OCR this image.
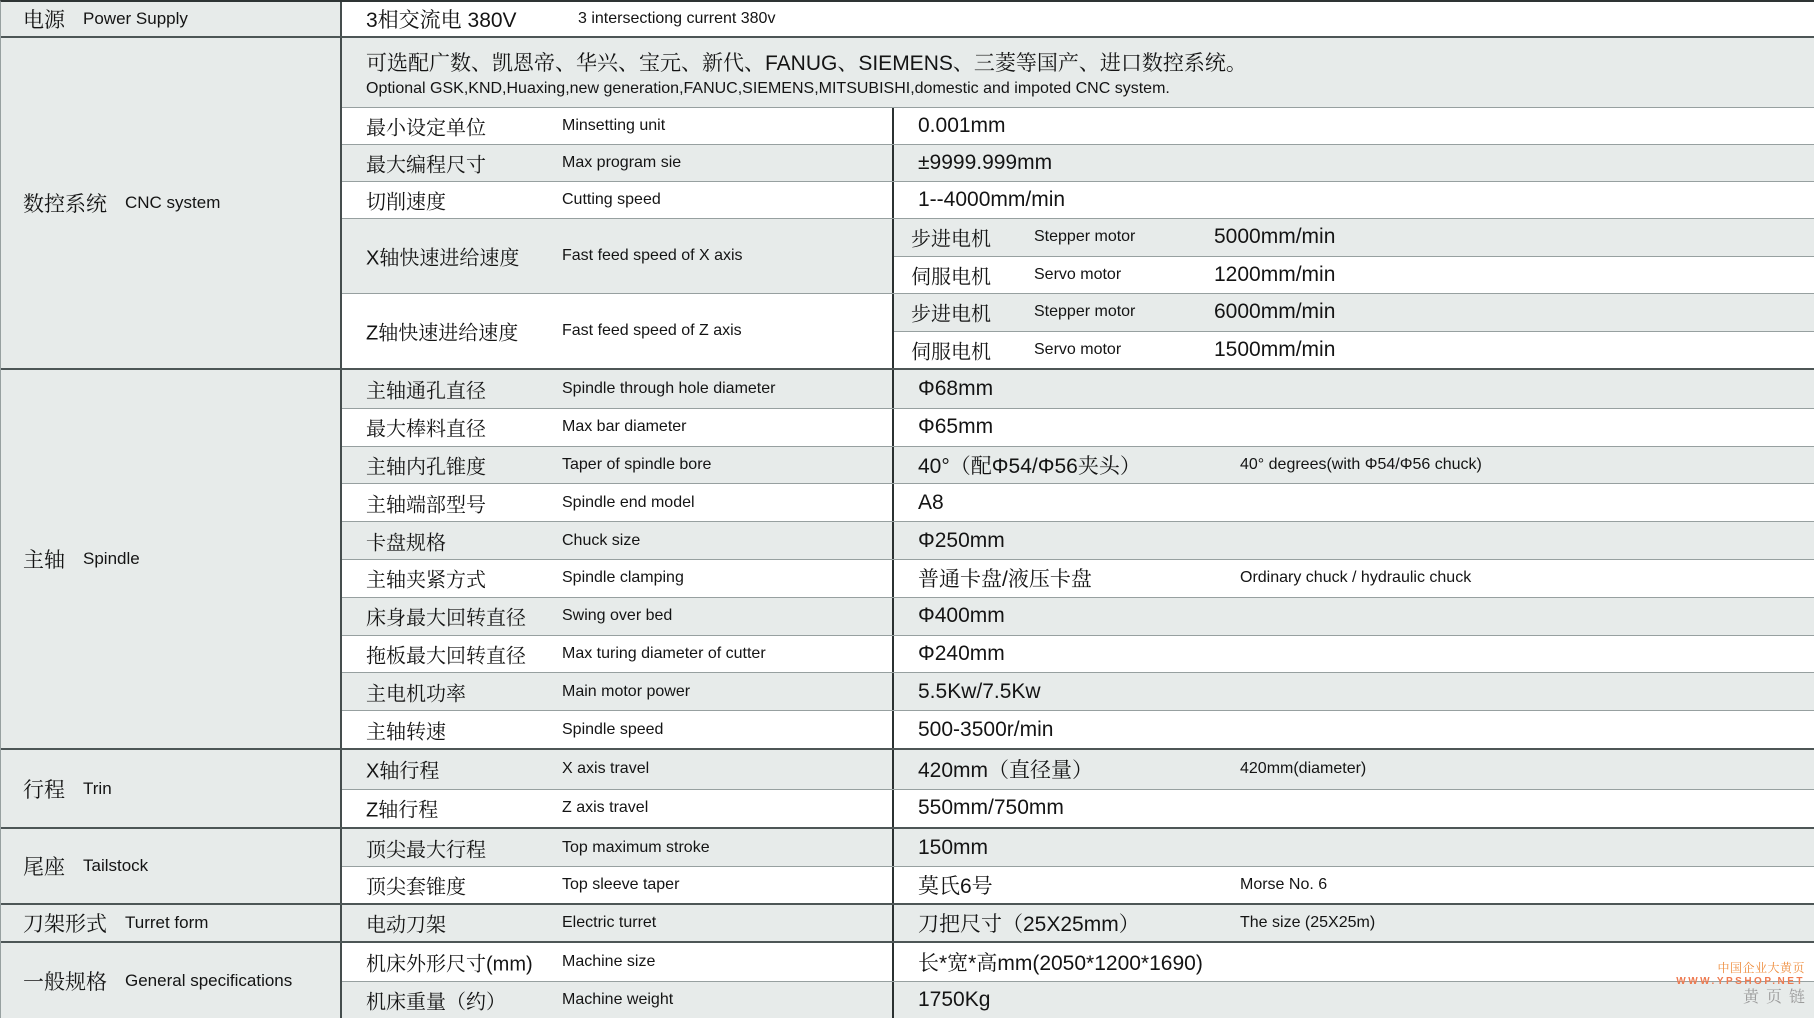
电源 Power Supply	3相交流电 380V	3 intersectiong current 380v
数控系统 CNC system
可选配广数、凯恩帝、华兴、宝元、新代、FANUG、SIEMENS、三菱等国产、进口数控系统。
Optional GSK,KND,Huaxing,new generation,FANUC,SIEMENS,MITSUBISHI,domestic and impoted CNC system.
最小设定单位	Minsetting unit	0.001mm
最大编程尺寸	Max program sie	±9999.999mm
切削速度	Cutting speed	1--4000mm/min
X轴快速进给速度	Fast feed speed of X axis
步进电机	Stepper motor	5000mm/min
伺服电机	Servo motor	1200mm/min
Z轴快速进给速度	Fast feed speed of Z axis
步进电机	Stepper motor	6000mm/min
伺服电机	Servo motor	1500mm/min
主轴 Spindle
主轴通孔直径	Spindle through hole diameter	Φ68mm
最大棒料直径	Max bar diameter	Φ65mm
主轴内孔锥度	Taper of spindle bore	40°（配Φ54/Φ56夹头）	40° degrees(with Φ54/Φ56 chuck)
主轴端部型号	Spindle end model	A8
卡盘规格	Chuck size	Φ250mm
主轴夹紧方式	Spindle clamping	普通卡盘/液压卡盘	Ordinary chuck / hydraulic chuck
床身最大回转直径 Swing over bed	Φ400mm
拖板最大回转直径 Max turing diameter of cutter	Φ240mm
主电机功率	Main motor power	5.5Kw/7.5Kw
主轴转速	Spindle speed	500-3500r/min
行程 Trin
X轴行程	X axis travel	420mm（直径量）	420mm(diameter)
Z轴行程	Z axis travel	550mm/750mm
尾座 Tailstock
顶尖最大行程	Top maximum stroke	150mm
顶尖套锥度	Top sleeve taper	莫氏6号	Morse No. 6
刀架形式 Turret form	电动刀架	Electric turret	刀把尺寸（25X25mm）	The size (25X25m)
一般规格 General specifications
机床外形尺寸(mm) Machine size	长*宽*高mm(2050*1200*1690)
机床重量（约）	Machine weight	1750Kg
中国企业大黄页
WWW.YPSHOP.NET
黄页链
